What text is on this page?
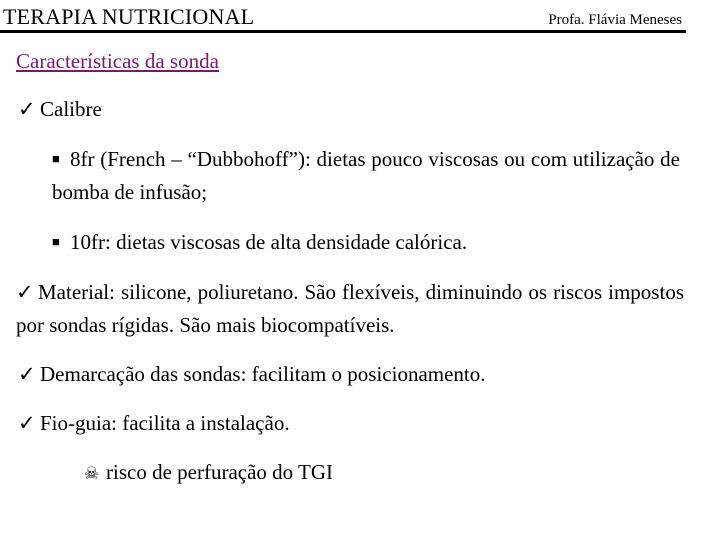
TERAPIA NUTRICIONAL	Profa. Flávia Meneses
Características da sonda
✓ Calibre
■ 8fr (French – “Dubbohoff”): dietas pouco viscosas ou com utilização de bomba de infusão;
■ 10fr: dietas viscosas de alta densidade calórica.
✓ Material: silicone, poliuretano. São flexíveis, diminuindo os riscos impostos por sondas rígidas. São mais biocompatíveis.
✓ Demarcação das sondas: facilitam o posicionamento.
✓ Fio-guia: facilita a instalação.
☠ risco de perfuração do TGI
